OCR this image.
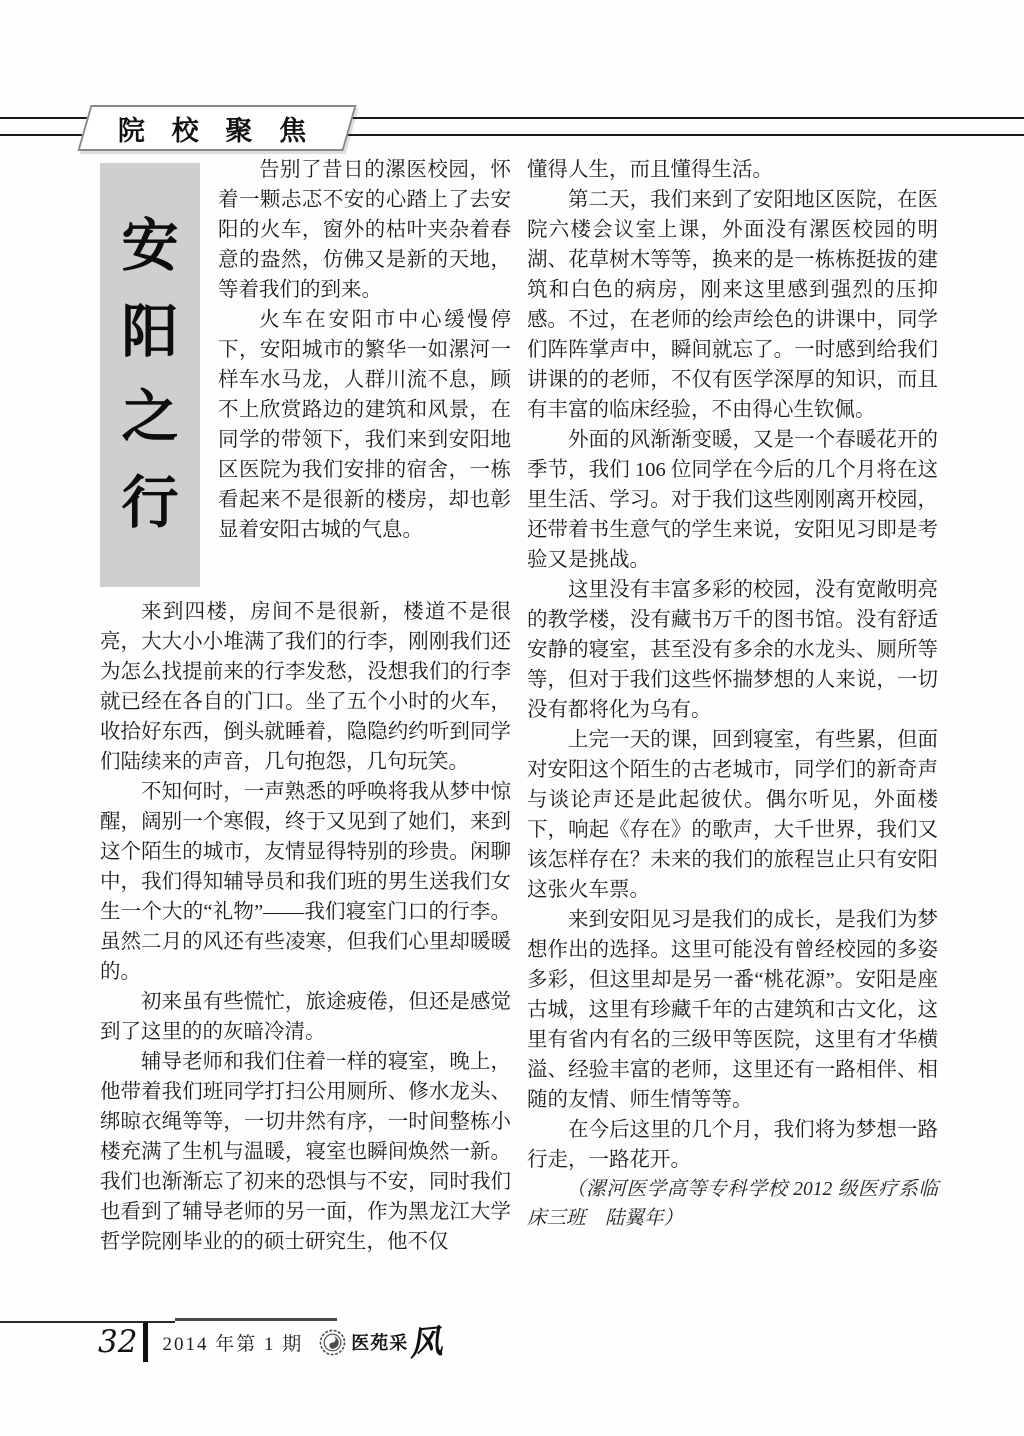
院 校 聚 焦
安
阳
之
行

告别了昔日的漯医校园，怀着一颗忐忑不安的心踏上了去安阳的火车，窗外的枯叶夹杂着春意的盎然，仿佛又是新的天地，等着我们的到来。

火车在安阳市中心缓慢停下，安阳城市的繁华一如漯河一样车水马龙，人群川流不息，顾不上欣赏路边的建筑和风景，在同学的带领下，我们来到安阳地区医院为我们安排的宿舍，一栋看起来不是很新的楼房，却也彰显着安阳古城的气息。

来到四楼，房间不是很新，楼道不是很亮，大大小小堆满了我们的行李，刚刚我们还为怎么找提前来的行李发愁，没想我们的行李就已经在各自的门口。坐了五个小时的火车，收拾好东西，倒头就睡着，隐隐约约听到同学们陆续来的声音，几句抱怨，几句玩笑。

不知何时，一声熟悉的呼唤将我从梦中惊醒，阔别一个寒假，终于又见到了她们，来到这个陌生的城市，友情显得特别的珍贵。闲聊中，我们得知辅导员和我们班的男生送我们女生一个大的“礼物”——我们寝室门口的行李。虽然二月的风还有些凌寒，但我们心里却暖暖的。

初来虽有些慌忙，旅途疲倦，但还是感觉到了这里的的灰暗冷清。

辅导老师和我们住着一样的寝室，晚上，他带着我们班同学打扫公用厕所、修水龙头、绑晾衣绳等等，一切井然有序，一时间整栋小楼充满了生机与温暖，寝室也瞬间焕然一新。我们也渐渐忘了初来的恐惧与不安，同时我们也看到了辅导老师的另一面，作为黑龙江大学哲学院刚毕业的的硕士研究生，他不仅

懂得人生，而且懂得生活。

第二天，我们来到了安阳地区医院，在医院六楼会议室上课，外面没有漯医校园的明湖、花草树木等等，换来的是一栋栋挺拔的建筑和白色的病房，刚来这里感到强烈的压抑感。不过，在老师的绘声绘色的讲课中，同学们阵阵掌声中，瞬间就忘了。一时感到给我们讲课的的老师，不仅有医学深厚的知识，而且有丰富的临床经验，不由得心生钦佩。

外面的风渐渐变暖，又是一个春暖花开的季节，我们 106 位同学在今后的几个月将在这里生活、学习。对于我们这些刚刚离开校园，还带着书生意气的学生来说，安阳见习即是考验又是挑战。

这里没有丰富多彩的校园，没有宽敞明亮的教学楼，没有藏书万千的图书馆。没有舒适安静的寝室，甚至没有多余的水龙头、厕所等等，但对于我们这些怀揣梦想的人来说，一切没有都将化为乌有。

上完一天的课，回到寝室，有些累，但面对安阳这个陌生的古老城市，同学们的新奇声与谈论声还是此起彼伏。偶尔听见，外面楼下，响起《存在》的歌声，大千世界，我们又该怎样存在？未来的我们的旅程岂止只有安阳这张火车票。

来到安阳见习是我们的成长，是我们为梦想作出的选择。这里可能没有曾经校园的多姿多彩，但这里却是另一番“桃花源”。安阳是座古城，这里有珍藏千年的古建筑和古文化，这里有省内有名的三级甲等医院，这里有才华横溢、经验丰富的老师，这里还有一路相伴、相随的友情、师生情等等。

在今后这里的几个月，我们将为梦想一路行走，一路花开。

（漯河医学高等专科学校 2012 级医疗系临床三班　陆翼年）

32 2014 年第 1 期	医苑采 风
